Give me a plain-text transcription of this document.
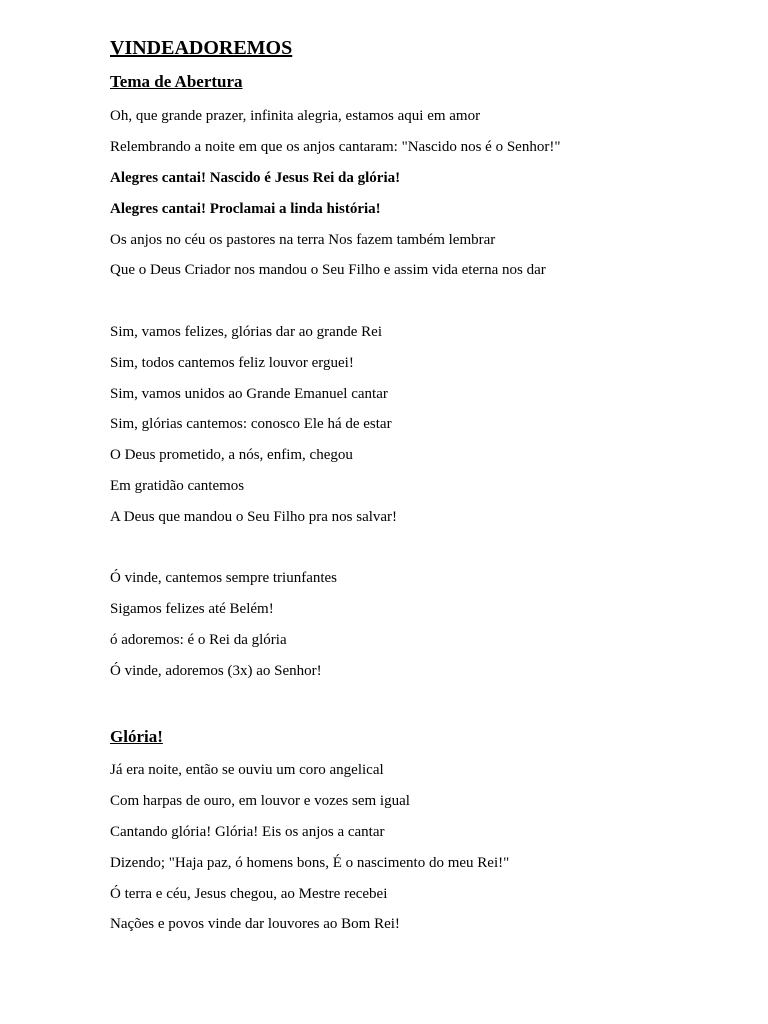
VINDEADOREMOS
Tema de Abertura
Oh, que grande prazer, infinita alegria, estamos aqui em amor
Relembrando a noite em que os anjos cantaram: "Nascido nos é o Senhor!"
Alegres cantai! Nascido é Jesus Rei da glória!
Alegres cantai! Proclamai a linda história!
Os anjos no céu os pastores na terra Nos fazem também lembrar
Que o Deus Criador nos mandou o Seu Filho e assim vida eterna nos dar
Sim, vamos felizes, glórias dar ao grande Rei
Sim, todos cantemos feliz louvor erguei!
Sim, vamos unidos ao Grande Emanuel cantar
Sim, glórias cantemos: conosco Ele há de estar
O Deus prometido, a nós, enfim, chegou
Em gratidão cantemos
A Deus que mandou o Seu Filho pra nos salvar!
Ó vinde, cantemos sempre triunfantes
Sigamos felizes até Belém!
ó adoremos: é o Rei da glória
Ó vinde, adoremos (3x) ao Senhor!
Glória!
Já era noite, então se ouviu um coro angelical
Com harpas de ouro, em louvor e vozes sem igual
Cantando glória! Glória! Eis os anjos a cantar
Dizendo; "Haja paz, ó homens bons, É o nascimento do meu Rei!"
Ó terra e céu, Jesus chegou, ao Mestre recebei
Nações e povos vinde dar louvores ao Bom Rei!
